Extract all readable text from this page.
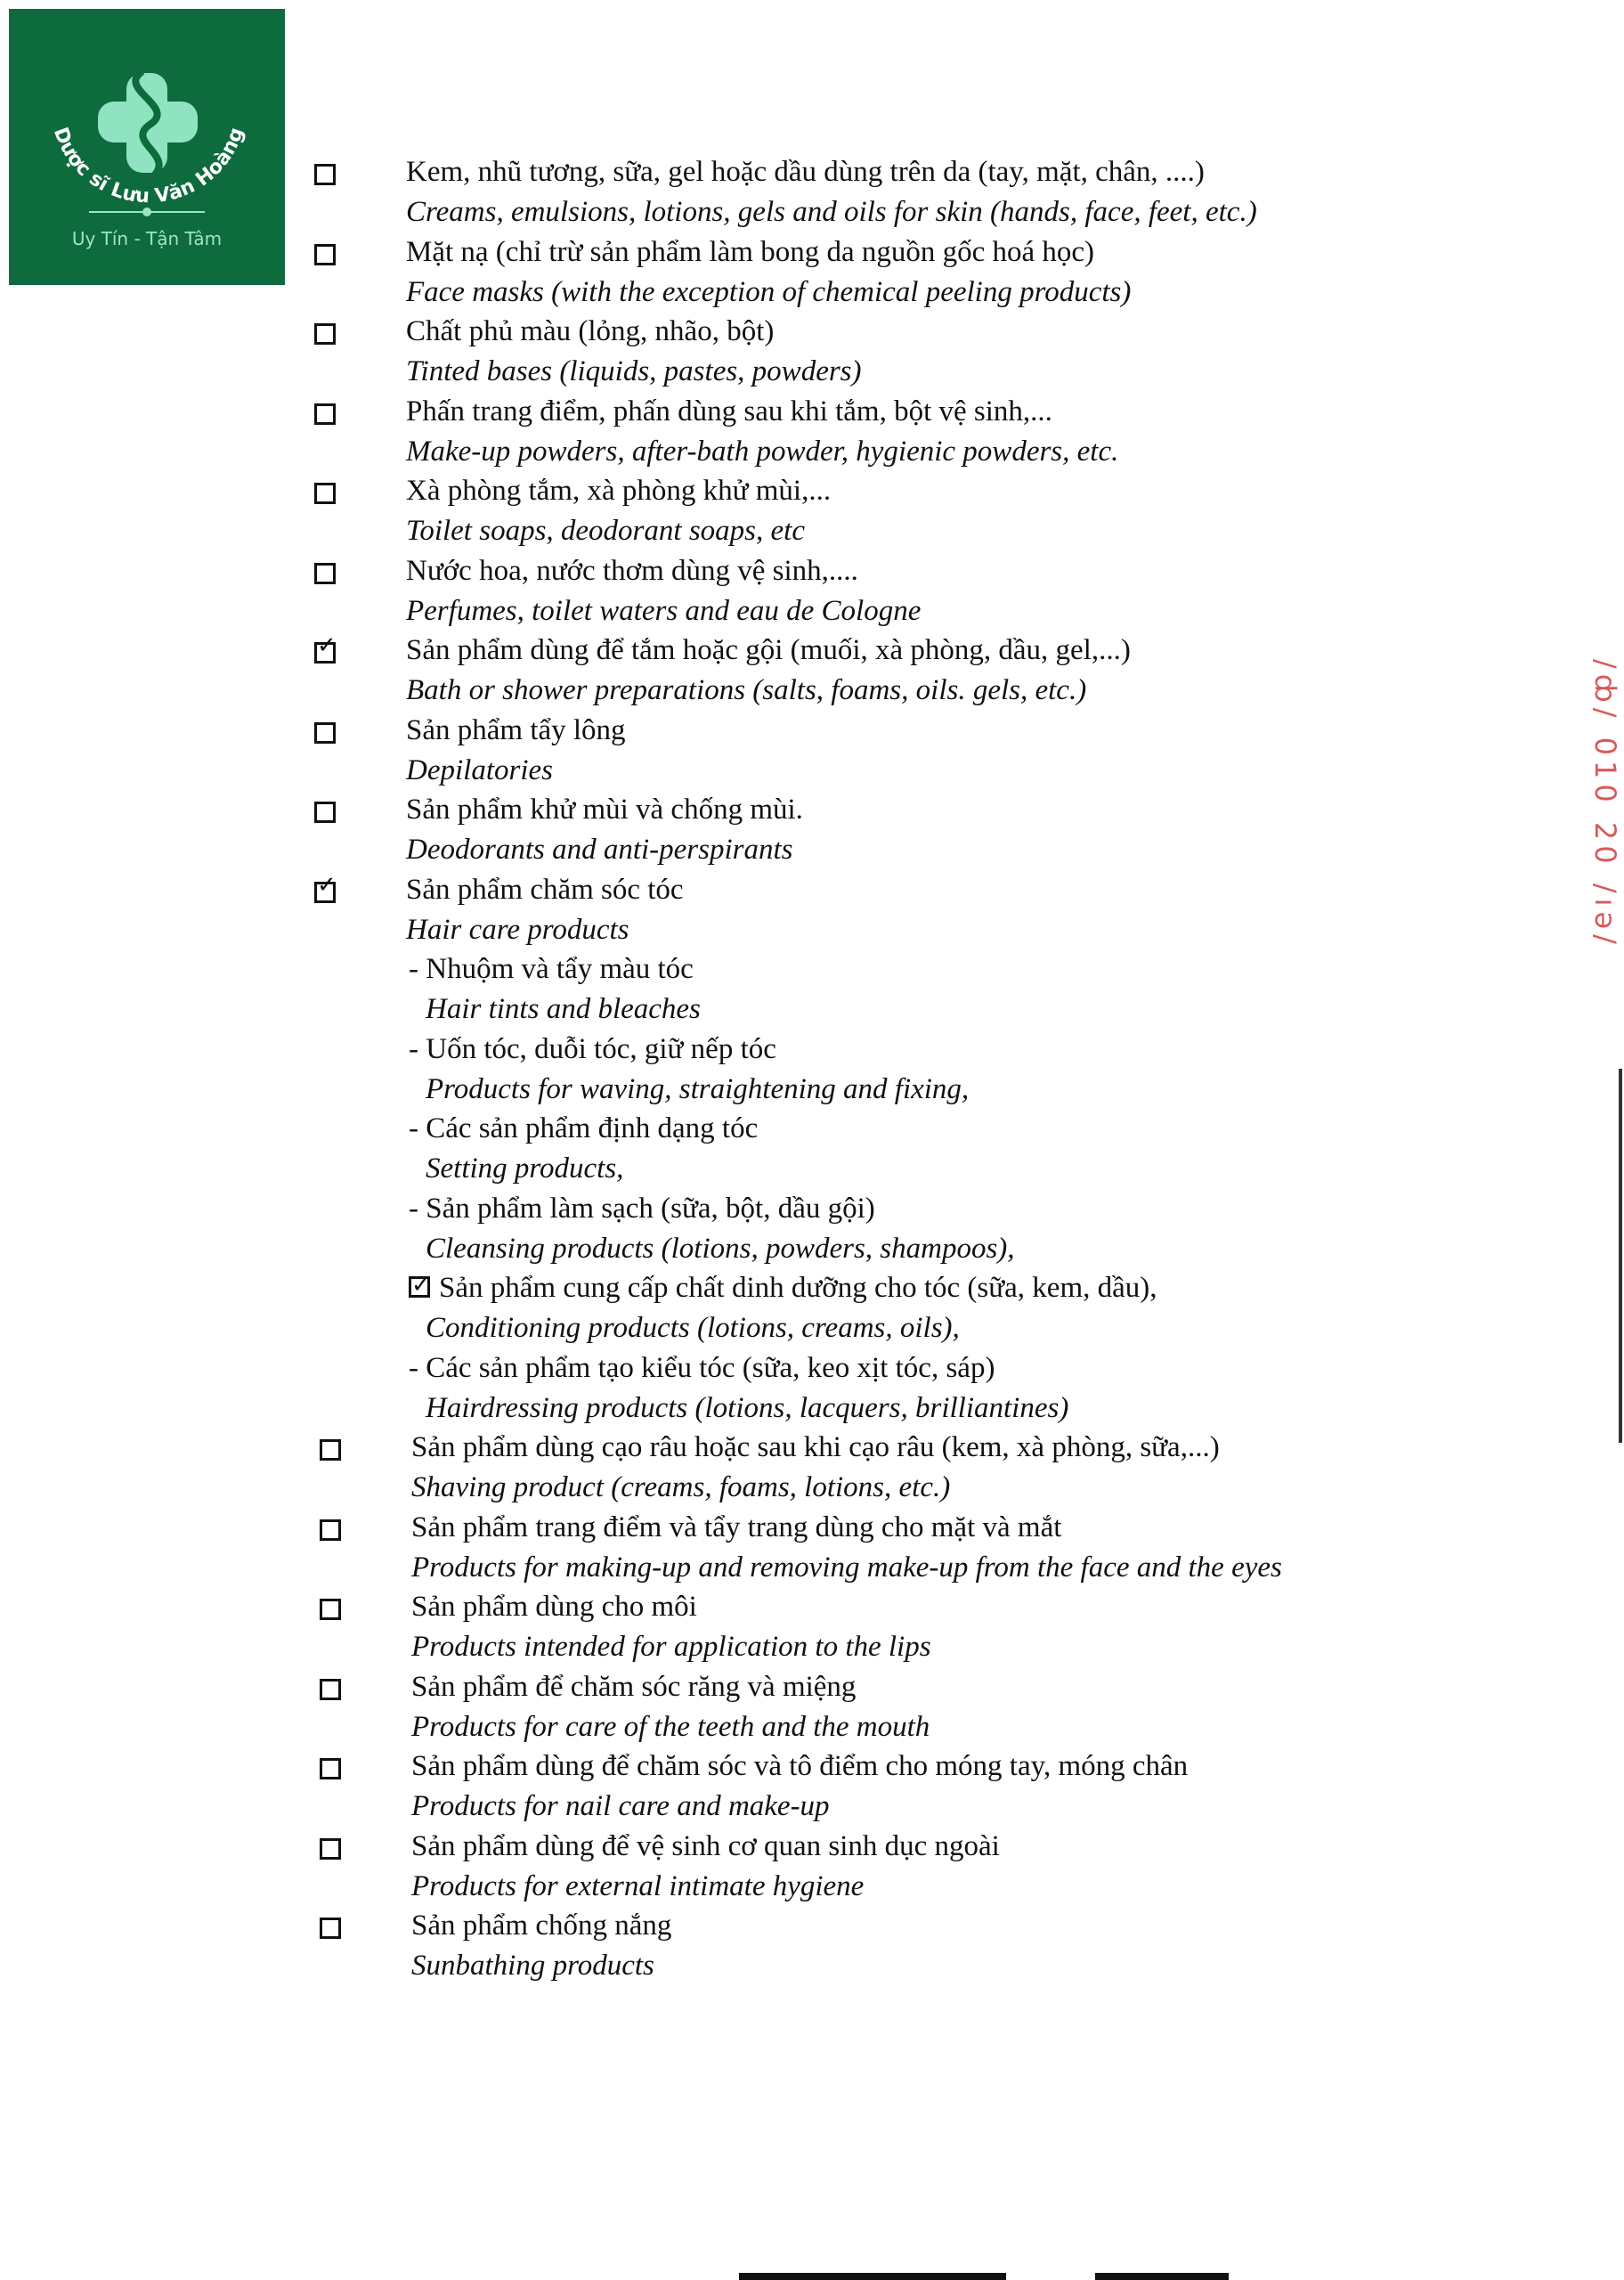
Dược sĩ Lưu Văn Hoàng
Uy Tín - Tận Tâm
Kem, nhũ tương, sữa, gel hoặc dầu dùng trên da (tay, mặt, chân, ....)
Creams, emulsions, lotions, gels and oils for skin (hands, face, feet, etc.)
Mặt nạ (chỉ trừ sản phẩm làm bong da nguồn gốc hoá học)
Face masks (with the exception of chemical peeling products)
Chất phủ màu (lỏng, nhão, bột)
Tinted bases (liquids, pastes, powders)
Phấn trang điểm, phấn dùng sau khi tắm, bột vệ sinh,...
Make-up powders, after-bath powder, hygienic powders, etc.
Xà phòng tắm, xà phòng khử mùi,...
Toilet soaps, deodorant soaps, etc
Nước hoa, nước thơm dùng vệ sinh,....
Perfumes, toilet waters and eau de Cologne
✓
Sản phẩm dùng để tắm hoặc gội (muối, xà phòng, dầu, gel,...)
Bath or shower preparations (salts, foams, oils. gels, etc.)
Sản phẩm tẩy lông
Depilatories
Sản phẩm khử mùi và chống mùi.
Deodorants and anti-perspirants
✓
Sản phẩm chăm sóc tóc
Hair care products
- Nhuộm và tẩy màu tóc
Hair tints and bleaches
- Uốn tóc, duỗi tóc, giữ nếp tóc
Products for waving, straightening and fixing,
- Các sản phẩm định dạng tóc
Setting products,
- Sản phẩm làm sạch (sữa, bột, dầu gội)
Cleansing products (lotions, powders, shampoos),
✓Sản phẩm cung cấp chất dinh dưỡng cho tóc (sữa, kem, dầu),
Conditioning products (lotions, creams, oils),
- Các sản phẩm tạo kiểu tóc (sữa, keo xịt tóc, sáp)
Hairdressing products (lotions, lacquers, brilliantines)
Sản phẩm dùng cạo râu hoặc sau khi cạo râu (kem, xà phòng, sữa,...)
Shaving product (creams, foams, lotions, etc.)
Sản phẩm trang điểm và tẩy trang dùng cho mặt và mắt
Products for making-up and removing make-up from the face and the eyes
Sản phẩm dùng cho môi
Products intended for application to the lips
Sản phẩm để chăm sóc răng và miệng
Products for care of the teeth and the mouth
Sản phẩm dùng để chăm sóc và tô điểm cho móng tay, móng chân
Products for nail care and make-up
Sản phẩm dùng để vệ sinh cơ quan sinh dục ngoài
Products for external intimate hygiene
Sản phẩm chống nắng
Sunbathing products
/ȸ/ 010 20 /ıə/
